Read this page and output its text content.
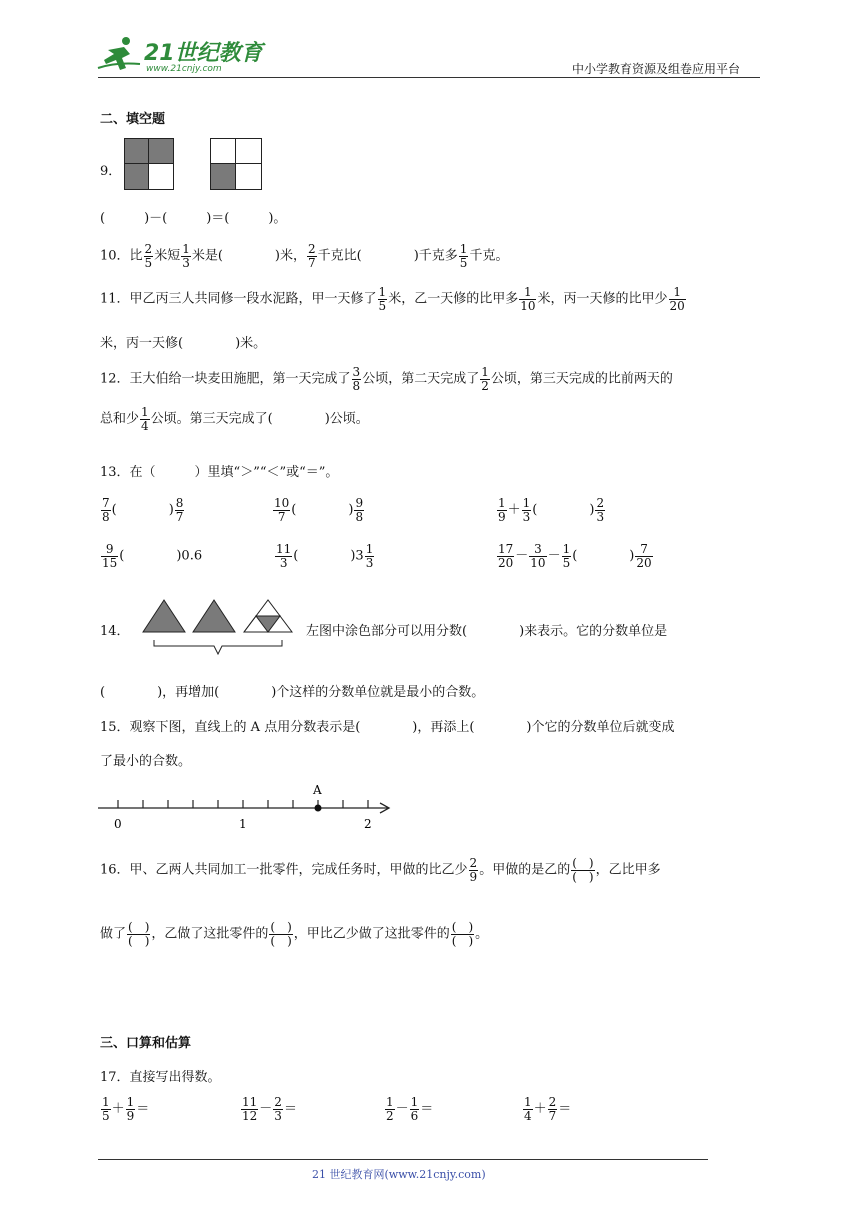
21世纪教育
www.21cnjy.com	中小学教育资源及组卷应用平台
二、填空题
9．
(　　　)－(　　　)＝(　　　)。
10．比 $\frac{2}{5}$ 米短 $\frac{1}{3}$ 米是(　　　　)米， $\frac{2}{7}$ 千克比(　　　　)千克多 $\frac{1}{5}$ 千克。
11．甲乙丙三人共同修一段水泥路，甲一天修了 $\frac{1}{5}$ 米，乙一天修的比甲多 $\frac{1}{10}$ 米，丙一天修的比甲少 $\frac{1}{20}$
米，丙一天修(　　　　)米。
12．王大伯给一块麦田施肥，第一天完成了 $\frac{3}{8}$ 公顷，第二天完成了 $\frac{1}{2}$ 公顷，第三天完成的比前两天的
总和少 $\frac{1}{4}$ 公顷。第三天完成了(　　　　)公顷。
13．在（　　　）里填“＞”“＜”或“＝”。
$\frac{7}{8}$ (　　　　) $\frac{8}{7}$	$\frac{10}{7}$ (　　　　) $\frac{9}{8}$	$\frac{1}{9} + \frac{1}{3}$ (　　　　) $\frac{2}{3}$
$\frac{9}{15}$ (　　　　)0.6	$\frac{11}{3}$ (　　　　)$3 \frac{1}{3}$	$\frac{17}{20} - \frac{3}{10} - \frac{1}{5}$ (　　　　) $\frac{7}{20}$
14．	左图中涂色部分可以用分数(　　　　)来表示。它的分数单位是
(　　　　)，再增加(　　　　)个这样的分数单位就是最小的合数。
15．观察下图，直线上的 A 点用分数表示是(　　　　)，再添上(　　　　)个它的分数单位后就变成
了最小的合数。
A
0	1	2
16．甲、乙两人共同加工一批零件，完成任务时，甲做的比乙少 $\frac{2}{9}$ 。甲做的是乙的 $\frac{( )}{( )}$ ，乙比甲多
做了 $\frac{( )}{( )}$ ，乙做了这批零件的 $\frac{( )}{( )}$ ，甲比乙少做了这批零件的 $\frac{( )}{( )}$ 。
三、口算和估算
17．直接写出得数。
$\frac{1}{5} + \frac{1}{9}$ ＝	$\frac{11}{12} - \frac{2}{3}$ ＝	$\frac{1}{2} - \frac{1}{6}$ ＝	$\frac{1}{4} + \frac{2}{7}$ ＝
21 世纪教育网(www.21cnjy.com)
